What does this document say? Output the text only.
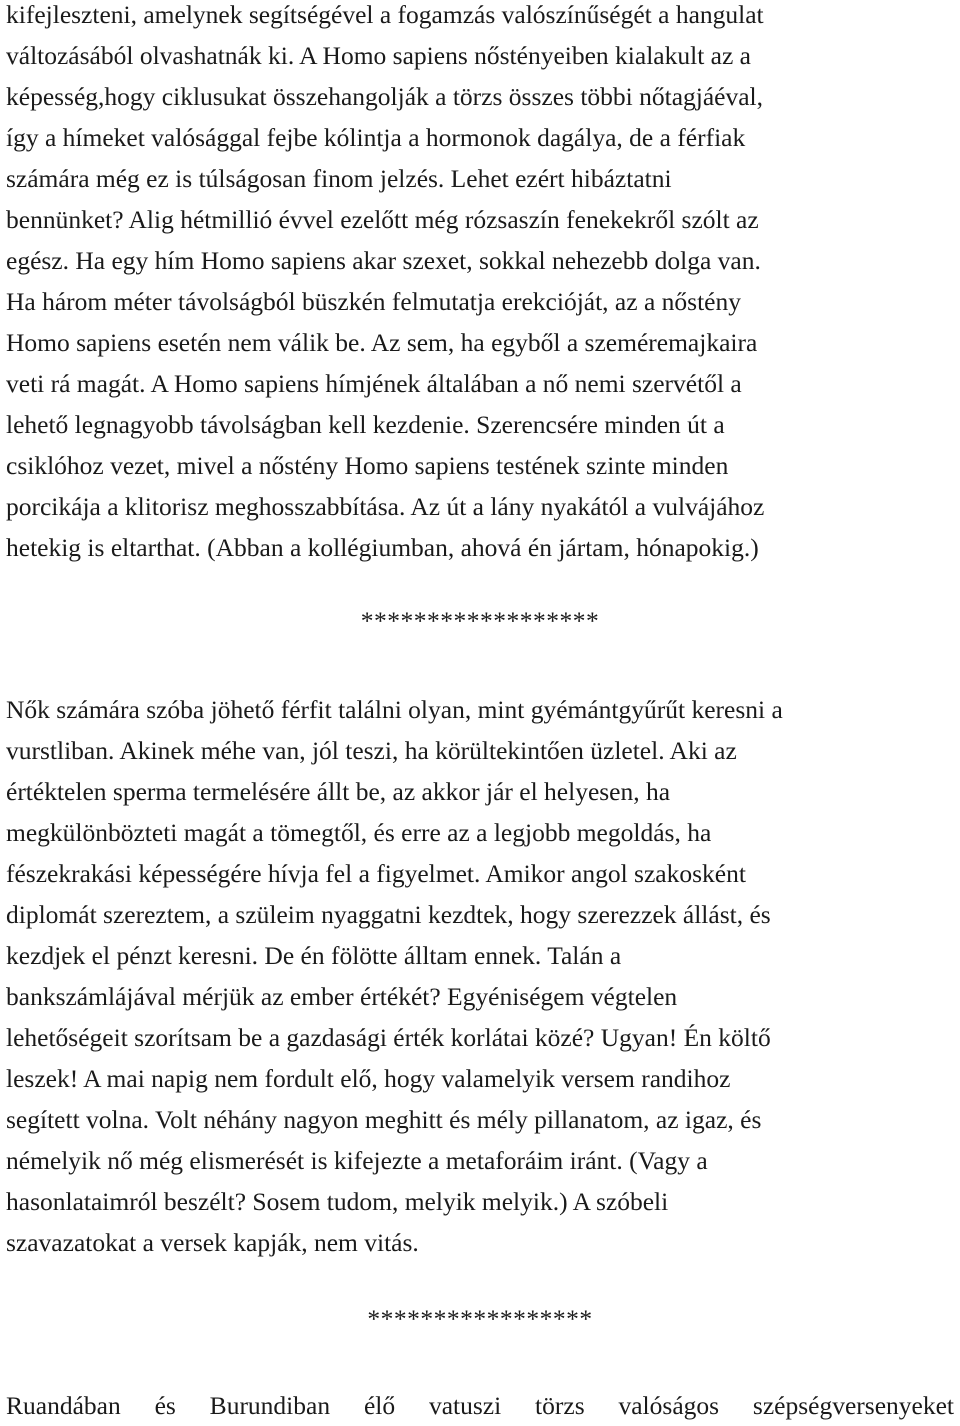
kifejleszteni, amelynek segítségével a fogamzás valószínűségét a hangulat
változásából olvashatnák ki. A Homo sapiens nőstényeiben kialakult az a
képesség,hogy ciklusukat összehangolják a törzs összes többi nőtagjáéval,
így a hímeket valósággal fejbe kólintja a hormonok dagálya, de a férfiak
számára még ez is túlságosan finom jelzés. Lehet ezért hibáztatni
bennünket? Alig hétmillió évvel ezelőtt még rózsaszín fenekekről szólt az
egész. Ha egy hím Homo sapiens akar szexet, sokkal nehezebb dolga van.
Ha három méter távolságból büszkén felmutatja erekcióját, az a nőstény
Homo sapiens esetén nem válik be. Az sem, ha egyből a szeméremajkaira
veti rá magát. A Homo sapiens hímjének általában a nő nemi szervétől a
lehető legnagyobb távolságban kell kezdenie. Szerencsére minden út a
csiklóhoz vezet, mivel a nőstény Homo sapiens testének szinte minden
porcikája a klitorisz meghosszabbítása. Az út a lány nyakától a vulvájához
hetekig is eltarthat. (Abban a kollégiumban, ahová én jártam, hónapokig.)
******************
Nők számára szóba jöhető férfit találni olyan, mint gyémántgyűrűt keresni a
vurstliban. Akinek méhe van, jól teszi, ha körültekintően üzletel. Aki az
értéktelen sperma termelésére állt be, az akkor jár el helyesen, ha
megkülönbözteti magát a tömegtől, és erre az a legjobb megoldás, ha
fészekrakási képességére hívja fel a figyelmet. Amikor angol szakosként
diplomát szereztem, a szüleim nyaggatni kezdtek, hogy szerezzek állást, és
kezdjek el pénzt keresni. De én fölötte álltam ennek. Talán a
bankszámlájával mérjük az ember értékét? Egyéniségem végtelen
lehetőségeit szorítsam be a gazdasági érték korlátai közé? Ugyan! Én költő
leszek! A mai napig nem fordult elő, hogy valamelyik versem randihoz
segített volna. Volt néhány nagyon meghitt és mély pillanatom, az igaz, és
némelyik nő még elismerését is kifejezte a metaforáim iránt. (Vagy a
hasonlataimról beszélt? Sosem tudom, melyik melyik.) A szóbeli
szavazatokat a versek kapják, nem vitás.
*****************
Ruandában és Burundiban élő vatuszi törzs valóságos szépségversenyeket
